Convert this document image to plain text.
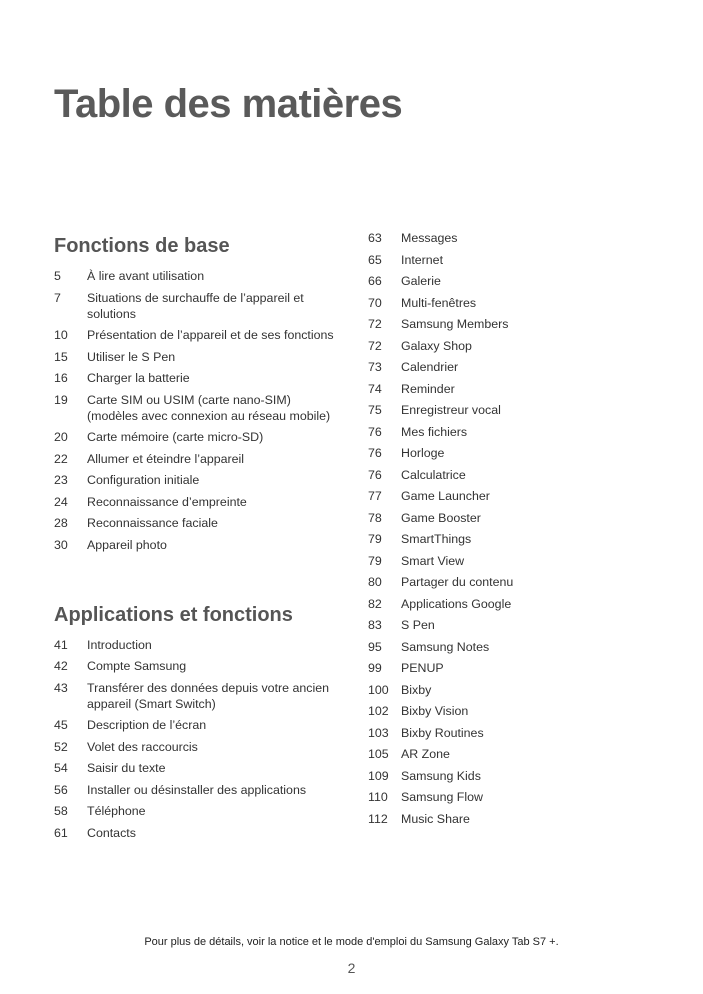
Table des matières
Fonctions de base
5	À lire avant utilisation
7	Situations de surchauffe de l’appareil et solutions
10	Présentation de l’appareil et de ses fonctions
15	Utiliser le S Pen
16	Charger la batterie
19	Carte SIM ou USIM (carte nano-SIM) (modèles avec connexion au réseau mobile)
20	Carte mémoire (carte micro-SD)
22	Allumer et éteindre l’appareil
23	Configuration initiale
24	Reconnaissance d’empreinte
28	Reconnaissance faciale
30	Appareil photo
Applications et fonctions
41	Introduction
42	Compte Samsung
43	Transférer des données depuis votre ancien appareil (Smart Switch)
45	Description de l’écran
52	Volet des raccourcis
54	Saisir du texte
56	Installer ou désinstaller des applications
58	Téléphone
61	Contacts
63	Messages
65	Internet
66	Galerie
70	Multi-fenêtres
72	Samsung Members
72	Galaxy Shop
73	Calendrier
74	Reminder
75	Enregistreur vocal
76	Mes fichiers
76	Horloge
76	Calculatrice
77	Game Launcher
78	Game Booster
79	SmartThings
79	Smart View
80	Partager du contenu
82	Applications Google
83	S Pen
95	Samsung Notes
99	PENUP
100 Bixby
102 Bixby Vision
103 Bixby Routines
105 AR Zone
109 Samsung Kids
110	Samsung Flow
112	Music Share
Pour plus de détails, voir la notice et le mode d'emploi du Samsung Galaxy Tab S7 +.
2
